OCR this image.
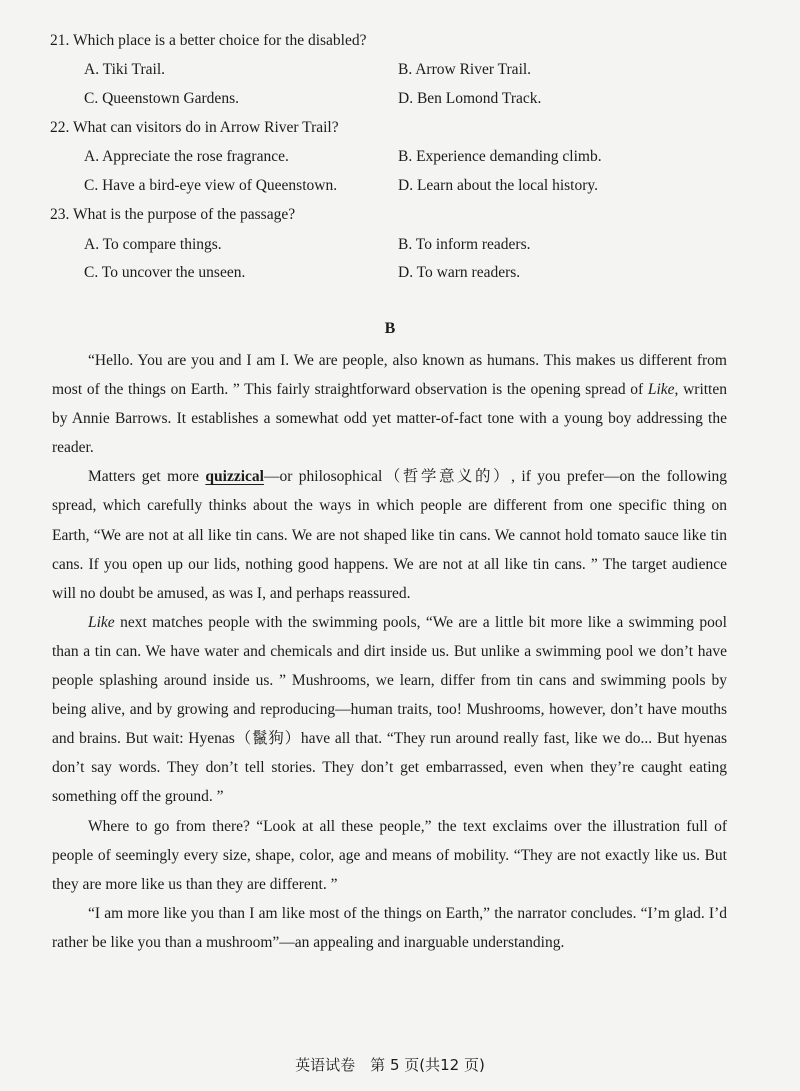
21. Which place is a better choice for the disabled?
A. Tiki Trail.	B. Arrow River Trail.
C. Queenstown Gardens.	D. Ben Lomond Track.
22. What can visitors do in Arrow River Trail?
A. Appreciate the rose fragrance.	B. Experience demanding climb.
C. Have a bird-eye view of Queenstown.	D. Learn about the local history.
23. What is the purpose of the passage?
A. To compare things.	B. To inform readers.
C. To uncover the unseen.	D. To warn readers.
B

“Hello. You are you and I am I. We are people, also known as humans. This makes us different from most of the things on Earth. ” This fairly straightforward observation is the opening spread of Like, written by Annie Barrows. It establishes a somewhat odd yet matter-of-fact tone with a young boy addressing the reader.

Matters get more quizzical—or philosophical（哲学意义的）, if you prefer—on the following spread, which carefully thinks about the ways in which people are different from one specific thing on Earth, “We are not at all like tin cans. We are not shaped like tin cans. We cannot hold tomato sauce like tin cans. If you open up our lids, nothing good happens. We are not at all like tin cans. ” The target audience will no doubt be amused, as was I, and perhaps reassured.

Like next matches people with the swimming pools, “We are a little bit more like a swimming pool than a tin can. We have water and chemicals and dirt inside us. But unlike a swimming pool we don’t have people splashing around inside us. ” Mushrooms, we learn, differ from tin cans and swimming pools by being alive, and by growing and reproducing—human traits, too! Mushrooms, however, don’t have mouths and brains. But wait: Hyenas（鬣狗）have all that. “They run around really fast, like we do... But hyenas don’t say words. They don’t tell stories. They don’t get embarrassed, even when they’re caught eating something off the ground. ”

Where to go from there? “Look at all these people,” the text exclaims over the illustration full of people of seemingly every size, shape, color, age and means of mobility. “They are not exactly like us. But they are more like us than they are different. ”

“I am more like you than I am like most of the things on Earth,” the narrator concludes. “I’m glad. I’d rather be like you than a mushroom”—an appealing and inarguable understanding.

英语试卷　第 5 页(共12 页)
